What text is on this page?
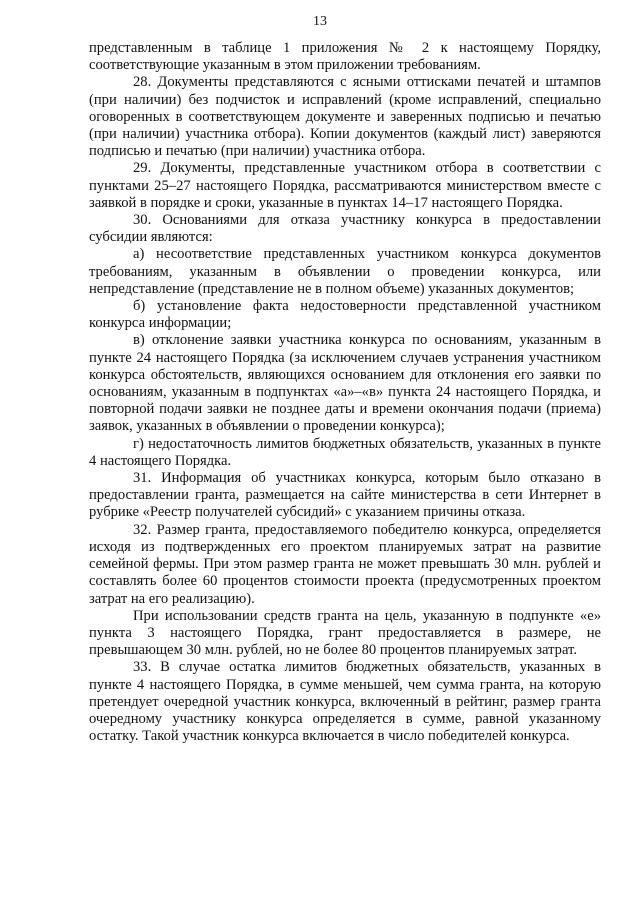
13

представленным в таблице 1 приложения № 2 к настоящему Порядку, соответствующие указанным в этом приложении требованиям.

28. Документы представляются с ясными оттисками печатей и штампов (при наличии) без подчисток и исправлений (кроме исправлений, специально оговоренных в соответствующем документе и заверенных подписью и печатью (при наличии) участника отбора). Копии документов (каждый лист) заверяются подписью и печатью (при наличии) участника отбора.

29. Документы, представленные участником отбора в соответствии с пунктами 25–27 настоящего Порядка, рассматриваются министерством вместе с заявкой в порядке и сроки, указанные в пунктах 14–17 настоящего Порядка.

30. Основаниями для отказа участнику конкурса в предоставлении субсидии являются:

а) несоответствие представленных участником конкурса документов требованиям, указанным в объявлении о проведении конкурса, или непредставление (представление не в полном объеме) указанных документов;

б) установление факта недостоверности представленной участником конкурса информации;

в) отклонение заявки участника конкурса по основаниям, указанным в пункте 24 настоящего Порядка (за исключением случаев устранения участником конкурса обстоятельств, являющихся основанием для отклонения его заявки по основаниям, указанным в подпунктах «а»–«в» пункта 24 настоящего Порядка, и повторной подачи заявки не позднее даты и времени окончания подачи (приема) заявок, указанных в объявлении о проведении конкурса);

г) недостаточность лимитов бюджетных обязательств, указанных в пункте 4 настоящего Порядка.

31. Информация об участниках конкурса, которым было отказано в предоставлении гранта, размещается на сайте министерства в сети Интернет в рубрике «Реестр получателей субсидий» с указанием причины отказа.

32. Размер гранта, предоставляемого победителю конкурса, определяется исходя из подтвержденных его проектом планируемых затрат на развитие семейной фермы. При этом размер гранта не может превышать 30 млн. рублей и составлять более 60 процентов стоимости проекта (предусмотренных проектом затрат на его реализацию).

При использовании средств гранта на цель, указанную в подпункте «е» пункта 3 настоящего Порядка, грант предоставляется в размере, не превышающем 30 млн. рублей, но не более 80 процентов планируемых затрат.

33. В случае остатка лимитов бюджетных обязательств, указанных в пункте 4 настоящего Порядка, в сумме меньшей, чем сумма гранта, на которую претендует очередной участник конкурса, включенный в рейтинг, размер гранта очередному участнику конкурса определяется в сумме, равной указанному остатку. Такой участник конкурса включается в число победителей конкурса.
